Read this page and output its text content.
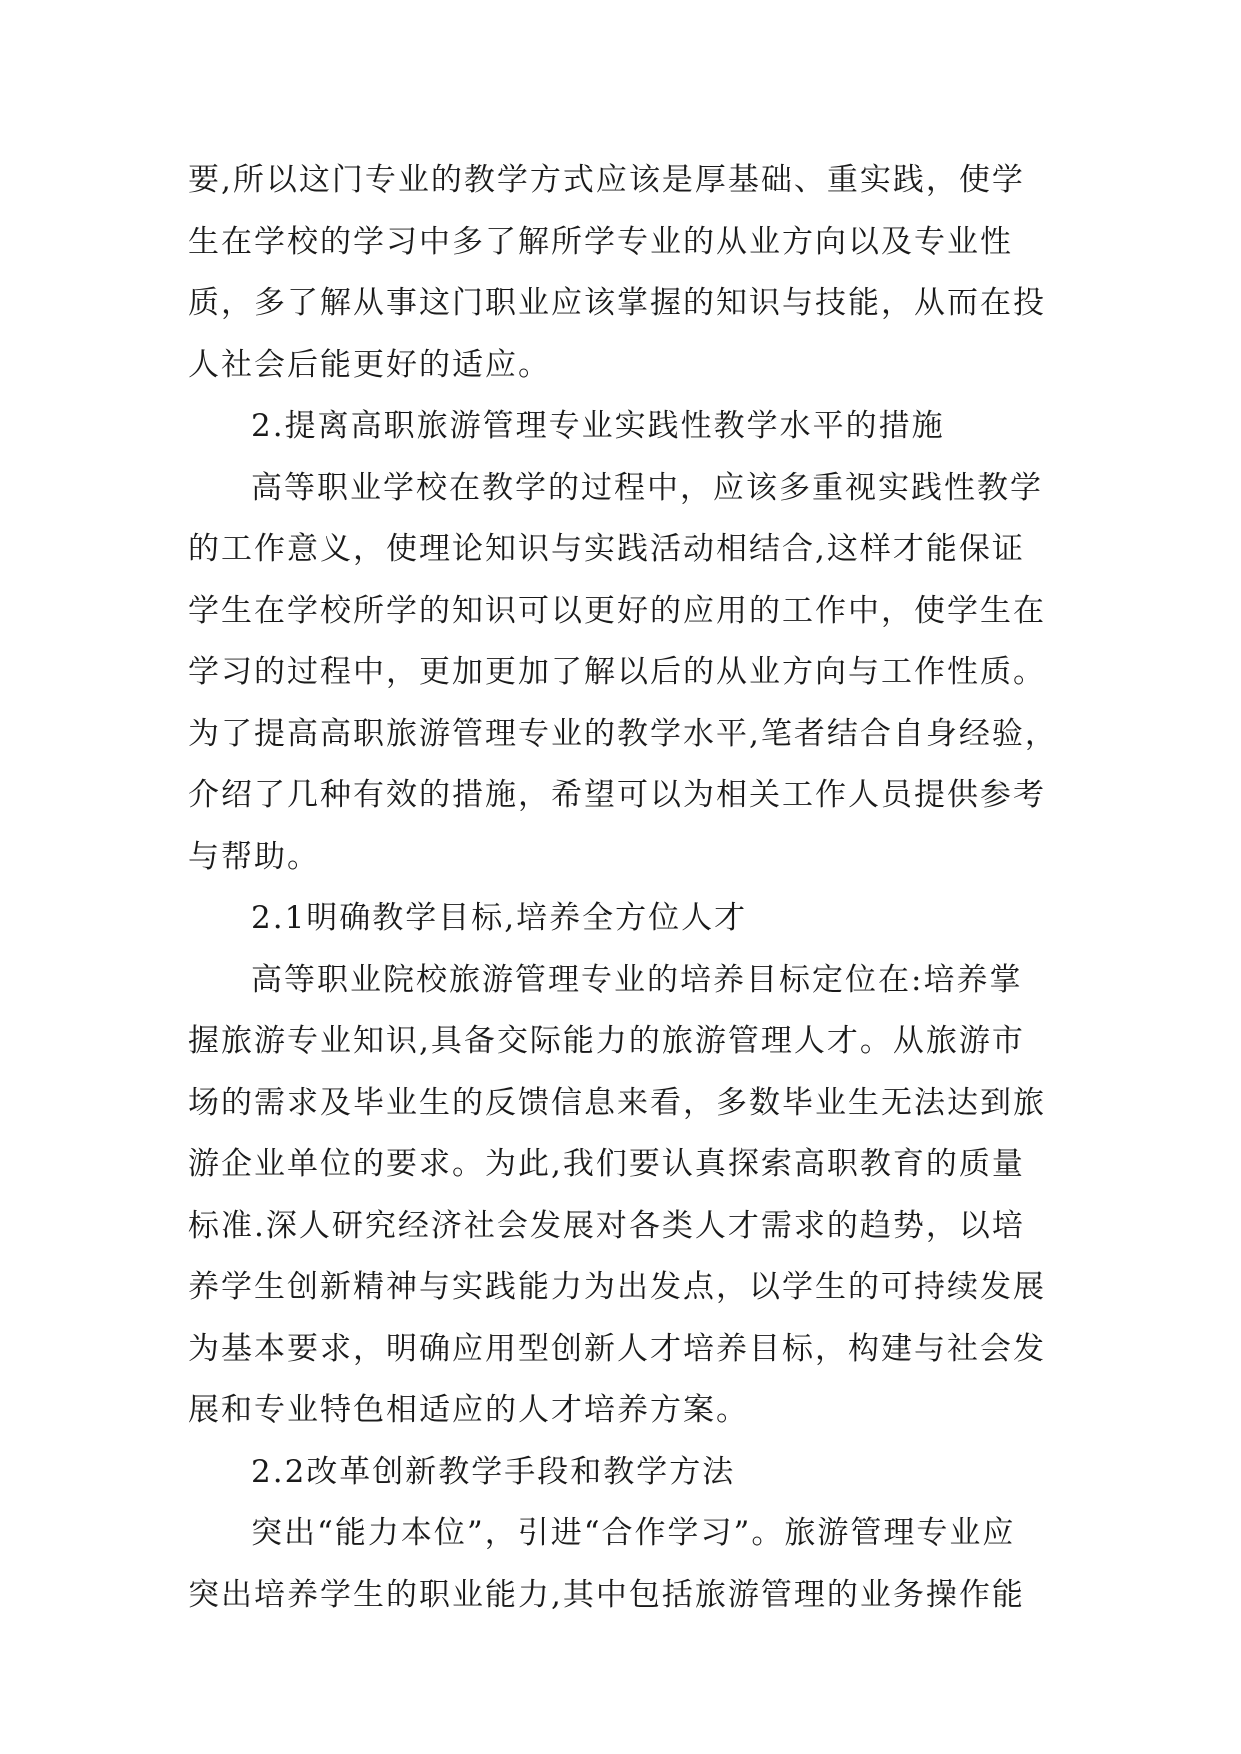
要,所以这门专业的教学方式应该是厚基础、重实践，使学
生在学校的学习中多了解所学专业的从业方向以及专业性
质，多了解从事这门职业应该掌握的知识与技能，从而在投
人社会后能更好的适应。
2.提离高职旅游管理专业实践性教学水平的措施
高等职业学校在教学的过程中，应该多重视实践性教学
的工作意义，使理论知识与实践活动相结合,这样才能保证
学生在学校所学的知识可以更好的应用的工作中，使学生在
学习的过程中，更加更加了解以后的从业方向与工作性质。
为了提高高职旅游管理专业的教学水平,笔者结合自身经验，
介绍了几种有效的措施，希望可以为相关工作人员提供参考
与帮助。
2.1明确教学目标,培养全方位人才
高等职业院校旅游管理专业的培养目标定位在:培养掌
握旅游专业知识,具备交际能力的旅游管理人才。从旅游市
场的需求及毕业生的反馈信息来看，多数毕业生无法达到旅
游企业单位的要求。为此,我们要认真探索高职教育的质量
标准.深人研究经济社会发展对各类人才需求的趋势，以培
养学生创新精神与实践能力为出发点，以学生的可持续发展
为基本要求，明确应用型创新人才培养目标，构建与社会发
展和专业特色相适应的人才培养方案。
2.2改革创新教学手段和教学方法
突出“能力本位”，引进“合作学习”。旅游管理专业应
突出培养学生的职业能力,其中包括旅游管理的业务操作能
